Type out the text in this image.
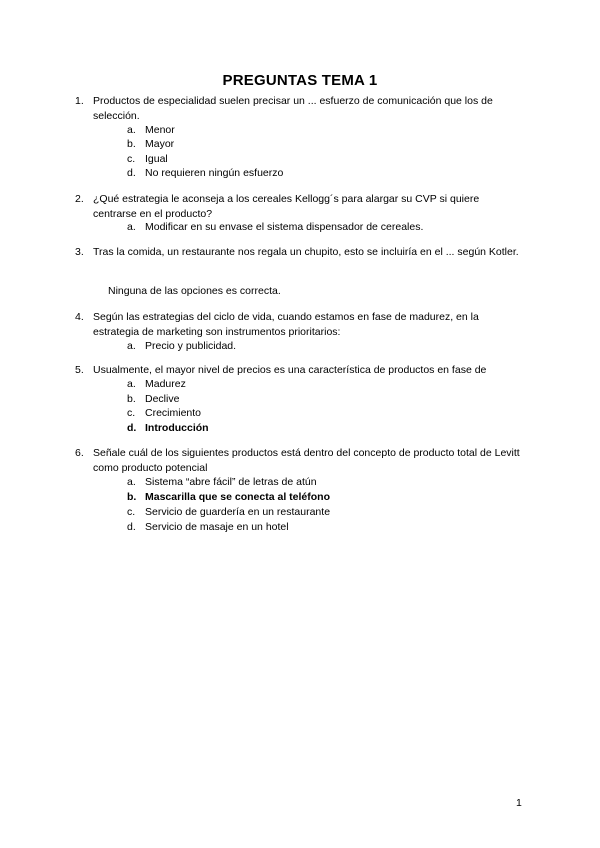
PREGUNTAS TEMA 1
1. Productos de especialidad suelen precisar un ... esfuerzo de comunicación que los de selección.
a. Menor
b. Mayor
c. Igual
d. No requieren ningún esfuerzo
2. ¿Qué estrategia le aconseja a los cereales Kellogg´s para alargar su CVP si quiere centrarse en el producto?
a. Modificar en su envase el sistema dispensador de cereales.
3. Tras la comida, un restaurante nos regala un chupito, esto se incluiría en el ... según Kotler.
Ninguna de las opciones es correcta.
4. Según las estrategias del ciclo de vida, cuando estamos en fase de madurez, en la estrategia de marketing son instrumentos prioritarios:
a. Precio y publicidad.
5. Usualmente, el mayor nivel de precios es una característica de productos en fase de
a. Madurez
b. Declive
c. Crecimiento
d. Introducción
6. Señale cuál de los siguientes productos está dentro del concepto de producto total de Levitt como producto potencial
a. Sistema “abre fácil” de letras de atún
b. Mascarilla que se conecta al teléfono
c. Servicio de guardería en un restaurante
d. Servicio de masaje en un hotel
1
